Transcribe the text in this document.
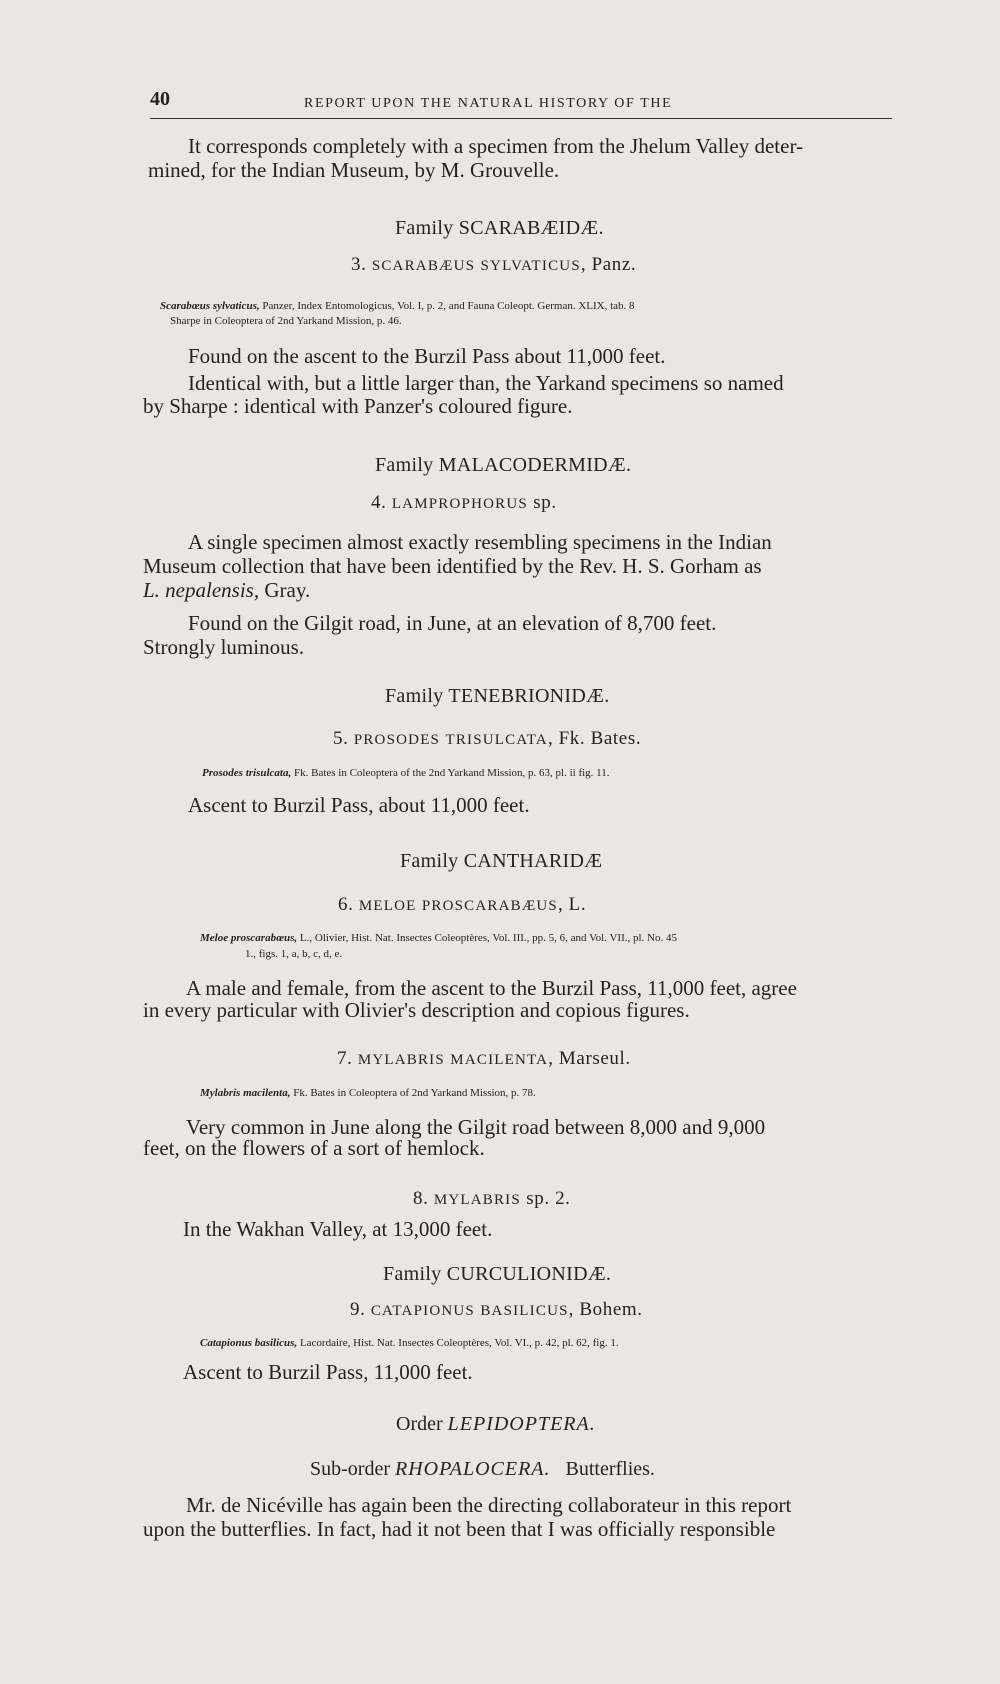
40	REPORT UPON THE NATURAL HISTORY OF THE
It corresponds completely with a specimen from the Jhelum Valley deter-
mined, for the Indian Museum, by M. Grouvelle.
Family SCARABÆIDÆ.
3. SCARABÆUS SYLVATICUS, Panz.
Scarabœus sylvaticus, Panzer, Index Entomologicus, Vol. I, p. 2, and Fauna Coleopt. German. XLIX, tab. 8
Sharpe in Coleoptera of 2nd Yarkand Mission, p. 46.
Found on the ascent to the Burzil Pass about 11,000 feet.
Identical with, but a little larger than, the Yarkand specimens so named
by Sharpe : identical with Panzer's coloured figure.
Family MALACODERMIDÆ.
4. LAMPROPHORUS sp.
A single specimen almost exactly resembling specimens in the Indian
Museum collection that have been identified by the Rev. H. S. Gorham as
L. nepalensis, Gray.
Found on the Gilgit road, in June, at an elevation of 8,700 feet.
Strongly luminous.
Family TENEBRIONIDÆ.
5. PROSODES TRISULCATA, Fk. Bates.
Prosodes trisulcata, Fk. Bates in Coleoptera of the 2nd Yarkand Mission, p. 63, pl. ii fig. 11.
Ascent to Burzil Pass, about 11,000 feet.
Family CANTHARIDÆ
6. MELOE PROSCARABÆUS, L.
Meloe proscarabœus, L., Olivier, Hist. Nat. Insectes Coleoptères, Vol. III., pp. 5, 6, and Vol. VII., pl. No. 45
1., figs. 1, a, b, c, d, e.
A male and female, from the ascent to the Burzil Pass, 11,000 feet, agree
in every particular with Olivier's description and copious figures.
7. MYLABRIS MACILENTA, Marseul.
Mylabris macilenta, Fk. Bates in Coleoptera of 2nd Yarkand Mission, p. 78.
Very common in June along the Gilgit road between 8,000 and 9,000
feet, on the flowers of a sort of hemlock.
8. MYLABRIS sp. 2.
In the Wakhan Valley, at 13,000 feet.
Family CURCULIONIDÆ.
9. CATAPIONUS BASILICUS, Bohem.
Catapionus basilicus, Lacordaire, Hist. Nat. Insectes Coleoptères, Vol. VI., p. 42, pl. 62, fig. 1.
Ascent to Burzil Pass, 11,000 feet.
Order LEPIDOPTERA.
Sub-order RHOPALOCERA.   Butterflies.
Mr. de Nicéville has again been the directing collaborateur in this report
upon the butterflies. In fact, had it not been that I was officially responsible
